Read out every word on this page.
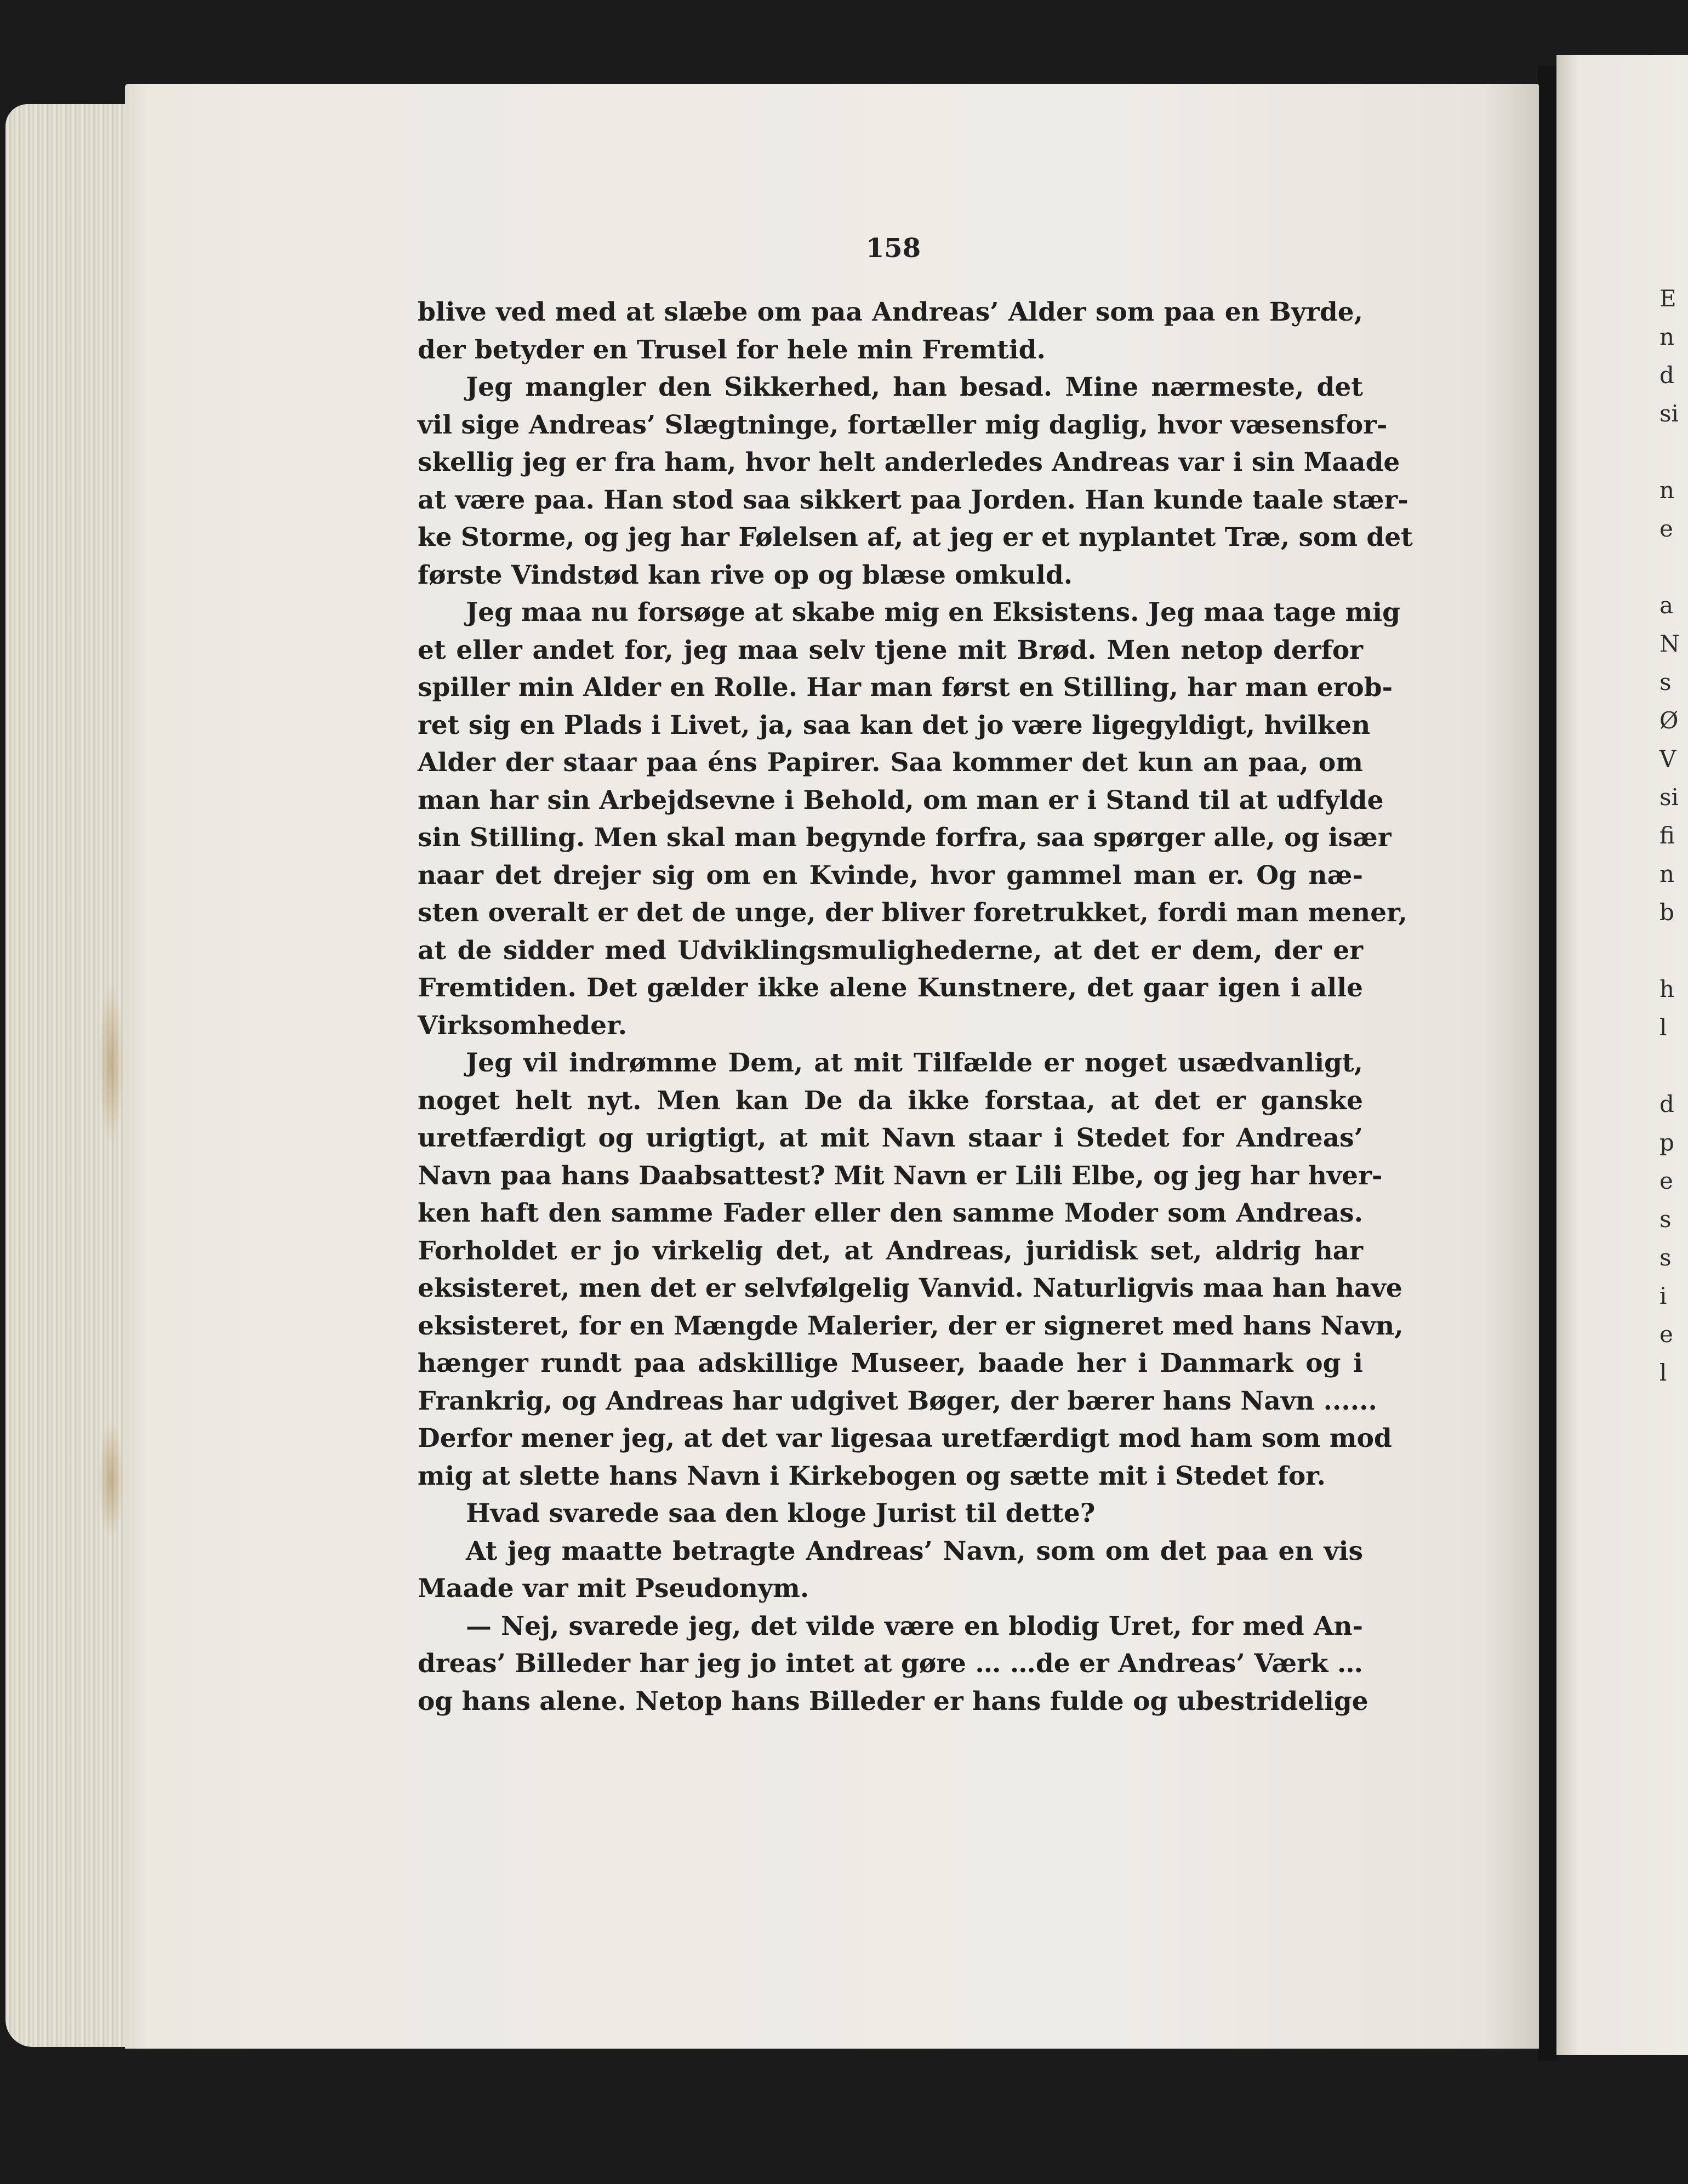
158
blive ved med at slæbe om paa Andreas’ Alder som paa en Byrde,
der betyder en Trusel for hele min Fremtid.
Jeg mangler den Sikkerhed, han besad. Mine nærmeste, det
vil sige Andreas’ Slægtninge, fortæller mig daglig, hvor væsensfor-
skellig jeg er fra ham, hvor helt anderledes Andreas var i sin Maade
at være paa. Han stod saa sikkert paa Jorden. Han kunde taale stær-
ke Storme, og jeg har Følelsen af, at jeg er et nyplantet Træ, som det
første Vindstød kan rive op og blæse omkuld.
Jeg maa nu forsøge at skabe mig en Eksistens. Jeg maa tage mig
et eller andet for, jeg maa selv tjene mit Brød. Men netop derfor
spiller min Alder en Rolle. Har man først en Stilling, har man erob-
ret sig en Plads i Livet, ja, saa kan det jo være ligegyldigt, hvilken
Alder der staar paa éns Papirer. Saa kommer det kun an paa, om
man har sin Arbejdsevne i Behold, om man er i Stand til at udfylde
sin Stilling. Men skal man begynde forfra, saa spørger alle, og især
naar det drejer sig om en Kvinde, hvor gammel man er. Og næ-
sten overalt er det de unge, der bliver foretrukket, fordi man mener,
at de sidder med Udviklingsmulighederne, at det er dem, der er
Fremtiden. Det gælder ikke alene Kunstnere, det gaar igen i alle
Virksomheder.
Jeg vil indrømme Dem, at mit Tilfælde er noget usædvanligt,
noget helt nyt. Men kan De da ikke forstaa, at det er ganske
uretfærdigt og urigtigt, at mit Navn staar i Stedet for Andreas’
Navn paa hans Daabsattest? Mit Navn er Lili Elbe, og jeg har hver-
ken haft den samme Fader eller den samme Moder som Andreas.
Forholdet er jo virkelig det, at Andreas, juridisk set, aldrig har
eksisteret, men det er selvfølgelig Vanvid. Naturligvis maa han have
eksisteret, for en Mængde Malerier, der er signeret med hans Navn,
hænger rundt paa adskillige Museer, baade her i Danmark og i
Frankrig, og Andreas har udgivet Bøger, der bærer hans Navn ......
Derfor mener jeg, at det var ligesaa uretfærdigt mod ham som mod
mig at slette hans Navn i Kirkebogen og sætte mit i Stedet for.
Hvad svarede saa den kloge Jurist til dette?
At jeg maatte betragte Andreas’ Navn, som om det paa en vis
Maade var mit Pseudonym.
— Nej, svarede jeg, det vilde være en blodig Uret, for med An-
dreas’ Billeder har jeg jo intet at gøre … …de er Andreas’ Værk …
og hans alene. Netop hans Billeder er hans fulde og ubestridelige
E
n
d
si
n
e
a
N
s
Ø
V
si
fi
n
b
h
l
d
p
e
s
s
i
e
l
